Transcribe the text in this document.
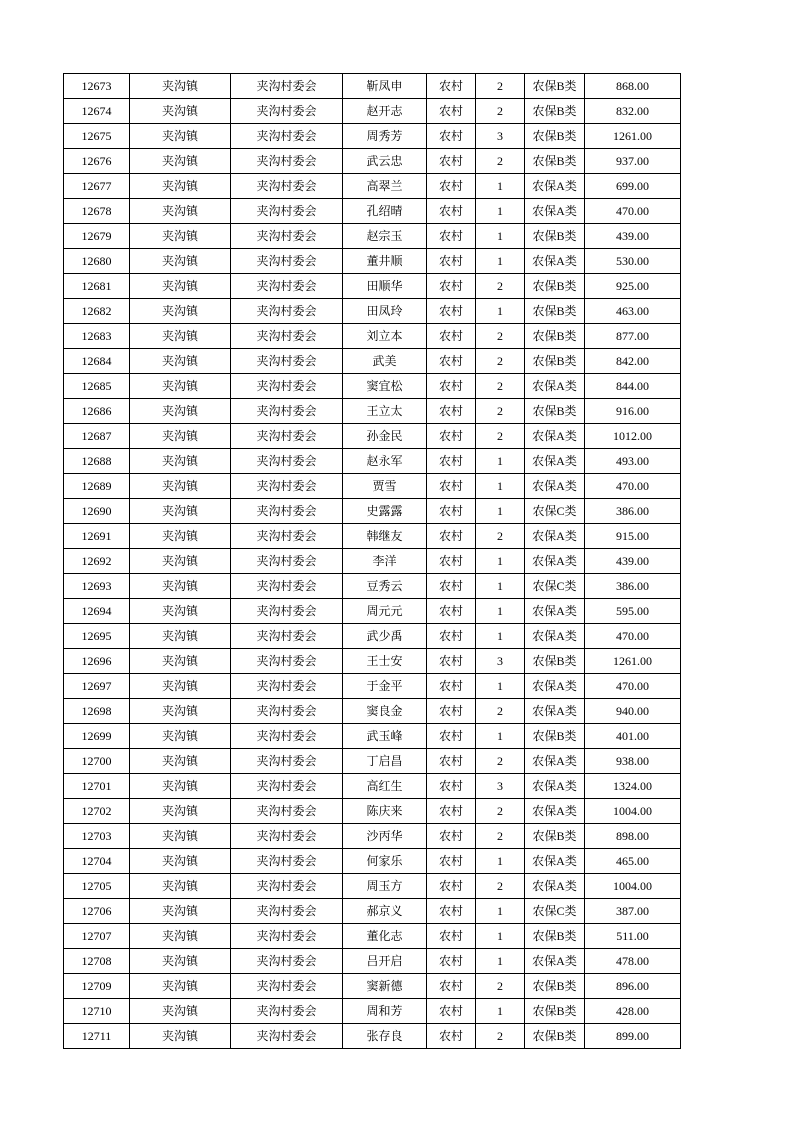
12673	夹沟镇	夹沟村委会	靳凤申	农村	2	农保B类	868.00
12674	夹沟镇	夹沟村委会	赵开志	农村	2	农保B类	832.00
12675	夹沟镇	夹沟村委会	周秀芳	农村	3	农保B类	1261.00
12676	夹沟镇	夹沟村委会	武云忠	农村	2	农保B类	937.00
12677	夹沟镇	夹沟村委会	高翠兰	农村	1	农保A类	699.00
12678	夹沟镇	夹沟村委会	孔绍晴	农村	1	农保A类	470.00
12679	夹沟镇	夹沟村委会	赵宗玉	农村	1	农保B类	439.00
12680	夹沟镇	夹沟村委会	董井顺	农村	1	农保A类	530.00
12681	夹沟镇	夹沟村委会	田顺华	农村	2	农保B类	925.00
12682	夹沟镇	夹沟村委会	田凤玲	农村	1	农保B类	463.00
12683	夹沟镇	夹沟村委会	刘立本	农村	2	农保B类	877.00
12684	夹沟镇	夹沟村委会	武美	农村	2	农保B类	842.00
12685	夹沟镇	夹沟村委会	窦宜松	农村	2	农保A类	844.00
12686	夹沟镇	夹沟村委会	王立太	农村	2	农保B类	916.00
12687	夹沟镇	夹沟村委会	孙金民	农村	2	农保A类	1012.00
12688	夹沟镇	夹沟村委会	赵永军	农村	1	农保A类	493.00
12689	夹沟镇	夹沟村委会	贾雪	农村	1	农保A类	470.00
12690	夹沟镇	夹沟村委会	史露露	农村	1	农保C类	386.00
12691	夹沟镇	夹沟村委会	韩继友	农村	2	农保A类	915.00
12692	夹沟镇	夹沟村委会	李洋	农村	1	农保A类	439.00
12693	夹沟镇	夹沟村委会	豆秀云	农村	1	农保C类	386.00
12694	夹沟镇	夹沟村委会	周元元	农村	1	农保A类	595.00
12695	夹沟镇	夹沟村委会	武少禹	农村	1	农保A类	470.00
12696	夹沟镇	夹沟村委会	王士安	农村	3	农保B类	1261.00
12697	夹沟镇	夹沟村委会	于金平	农村	1	农保A类	470.00
12698	夹沟镇	夹沟村委会	窦良金	农村	2	农保A类	940.00
12699	夹沟镇	夹沟村委会	武玉峰	农村	1	农保B类	401.00
12700	夹沟镇	夹沟村委会	丁启昌	农村	2	农保A类	938.00
12701	夹沟镇	夹沟村委会	高红生	农村	3	农保A类	1324.00
12702	夹沟镇	夹沟村委会	陈庆来	农村	2	农保A类	1004.00
12703	夹沟镇	夹沟村委会	沙丙华	农村	2	农保B类	898.00
12704	夹沟镇	夹沟村委会	何家乐	农村	1	农保A类	465.00
12705	夹沟镇	夹沟村委会	周玉方	农村	2	农保A类	1004.00
12706	夹沟镇	夹沟村委会	郝京义	农村	1	农保C类	387.00
12707	夹沟镇	夹沟村委会	董化志	农村	1	农保B类	511.00
12708	夹沟镇	夹沟村委会	吕开启	农村	1	农保A类	478.00
12709	夹沟镇	夹沟村委会	窦新德	农村	2	农保B类	896.00
12710	夹沟镇	夹沟村委会	周和芳	农村	1	农保B类	428.00
12711	夹沟镇	夹沟村委会	张存良	农村	2	农保B类	899.00
